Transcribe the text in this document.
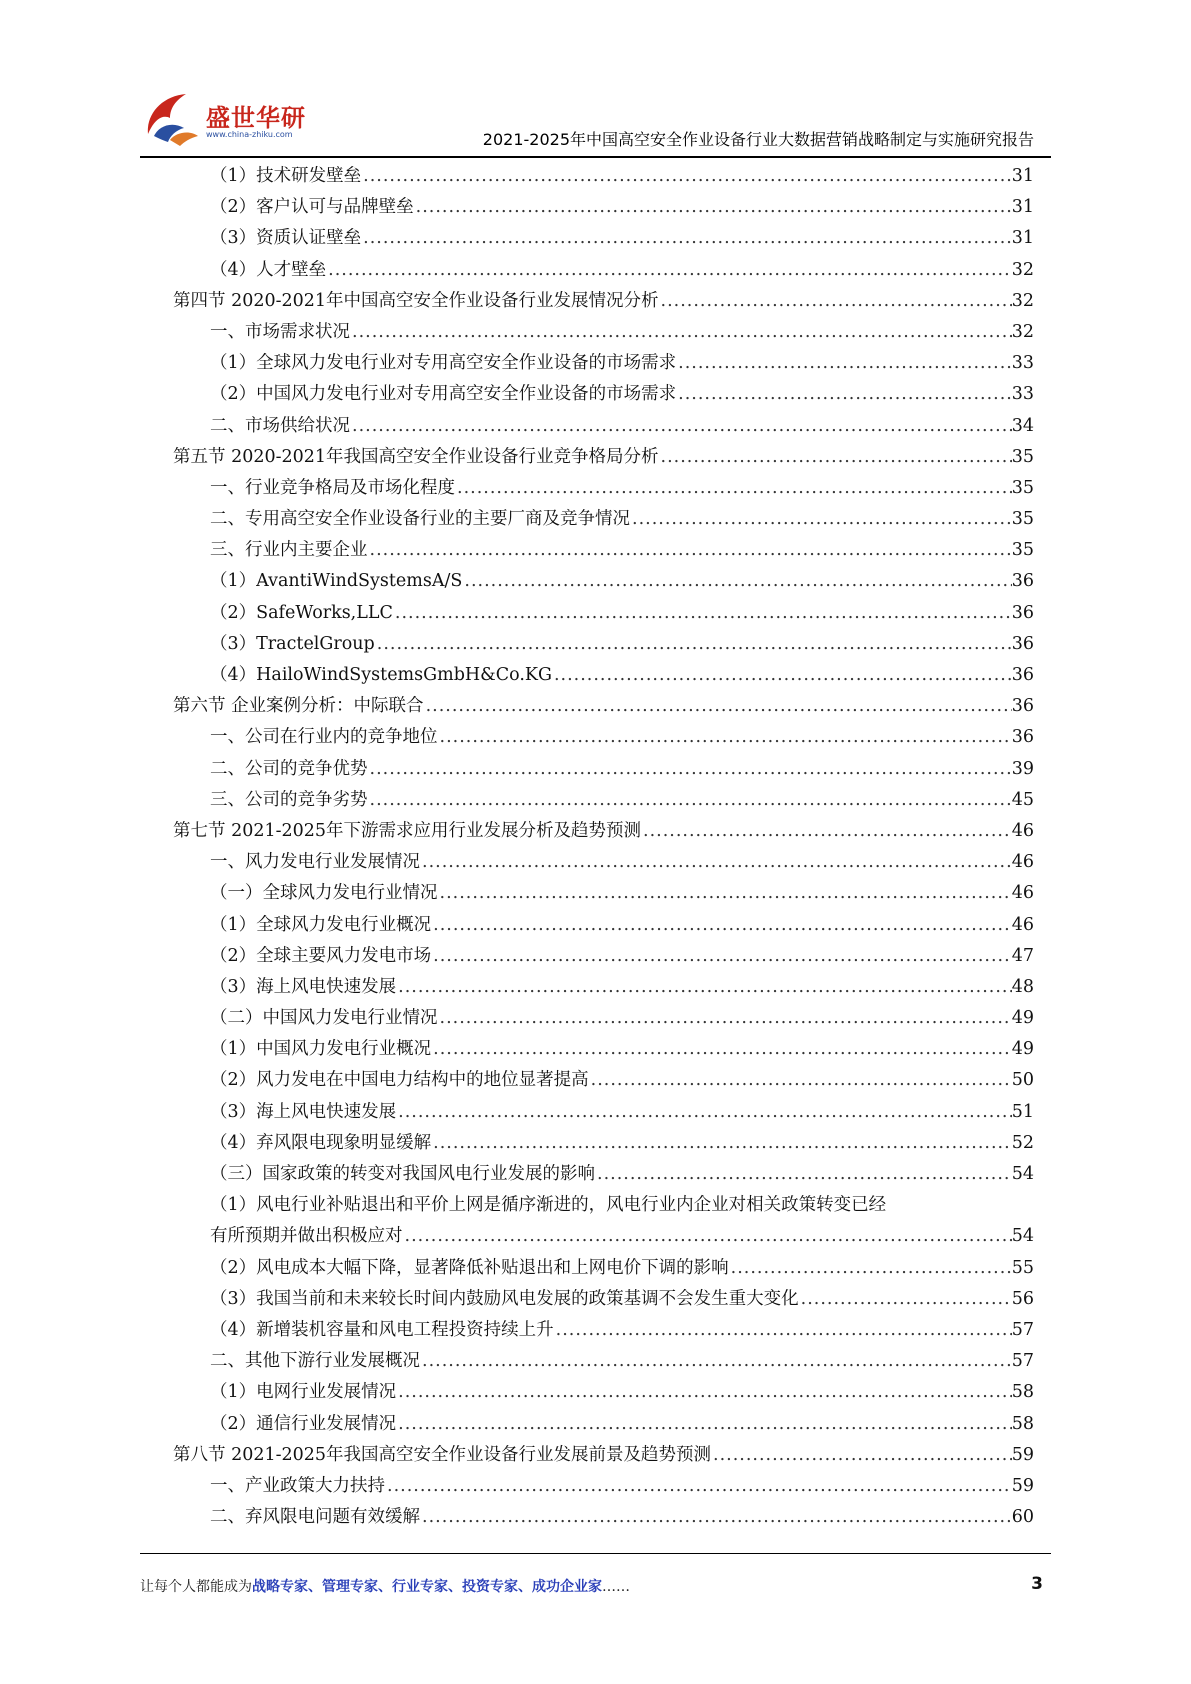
盛世华研
www.china-zhiku.com	2021-2025年中国高空安全作业设备行业大数据营销战略制定与实施研究报告
（1）技术研发壁垒 .....	31
（2）客户认可与品牌壁垒 .....	31
（3）资质认证壁垒 .....	31
（4）人才壁垒 .....	32
第四节 2020-2021年中国高空安全作业设备行业发展情况分析 .....	32
一、市场需求状况 .....	32
（1）全球风力发电行业对专用高空安全作业设备的市场需求 .....	33
（2）中国风力发电行业对专用高空安全作业设备的市场需求 .....	33
二、市场供给状况 .....	34
第五节 2020-2021年我国高空安全作业设备行业竞争格局分析 .....	35
一、行业竞争格局及市场化程度 .....	35
二、专用高空安全作业设备行业的主要厂商及竞争情况 .....	35
三、行业内主要企业 .....	35
（1）AvantiWindSystemsA/S .....	36
（2）SafeWorks,LLC .....	36
（3）TractelGroup .....	36
（4）HailoWindSystemsGmbH&Co.KG .....	36
第六节 企业案例分析：中际联合 .....	36
一、公司在行业内的竞争地位 .....	36
二、公司的竞争优势 .....	39
三、公司的竞争劣势 .....	45
第七节 2021-2025年下游需求应用行业发展分析及趋势预测 .....	46
一、风力发电行业发展情况 .....	46
（一）全球风力发电行业情况 .....	46
（1）全球风力发电行业概况 .....	46
（2）全球主要风力发电市场 .....	47
（3）海上风电快速发展 .....	48
（二）中国风力发电行业情况 .....	49
（1）中国风力发电行业概况 .....	49
（2）风力发电在中国电力结构中的地位显著提高 .....	50
（3）海上风电快速发展 .....	51
（4）弃风限电现象明显缓解 .....	52
（三）国家政策的转变对我国风电行业发展的影响 .....	54
（1）风电行业补贴退出和平价上网是循序渐进的，风电行业内企业对相关政策转变已经
有所预期并做出积极应对 .....	54
（2）风电成本大幅下降，显著降低补贴退出和上网电价下调的影响 .....	55
（3）我国当前和未来较长时间内鼓励风电发展的政策基调不会发生重大变化 .....	56
（4）新增装机容量和风电工程投资持续上升 .....	57
二、其他下游行业发展概况 .....	57
（1）电网行业发展情况 .....	58
（2）通信行业发展情况 .....	58
第八节 2021-2025年我国高空安全作业设备行业发展前景及趋势预测 .....	59
一、产业政策大力扶持 .....	59
二、弃风限电问题有效缓解 .....	60
让每个人都能成为战略专家、管理专家、行业专家、投资专家、成功企业家……	3
